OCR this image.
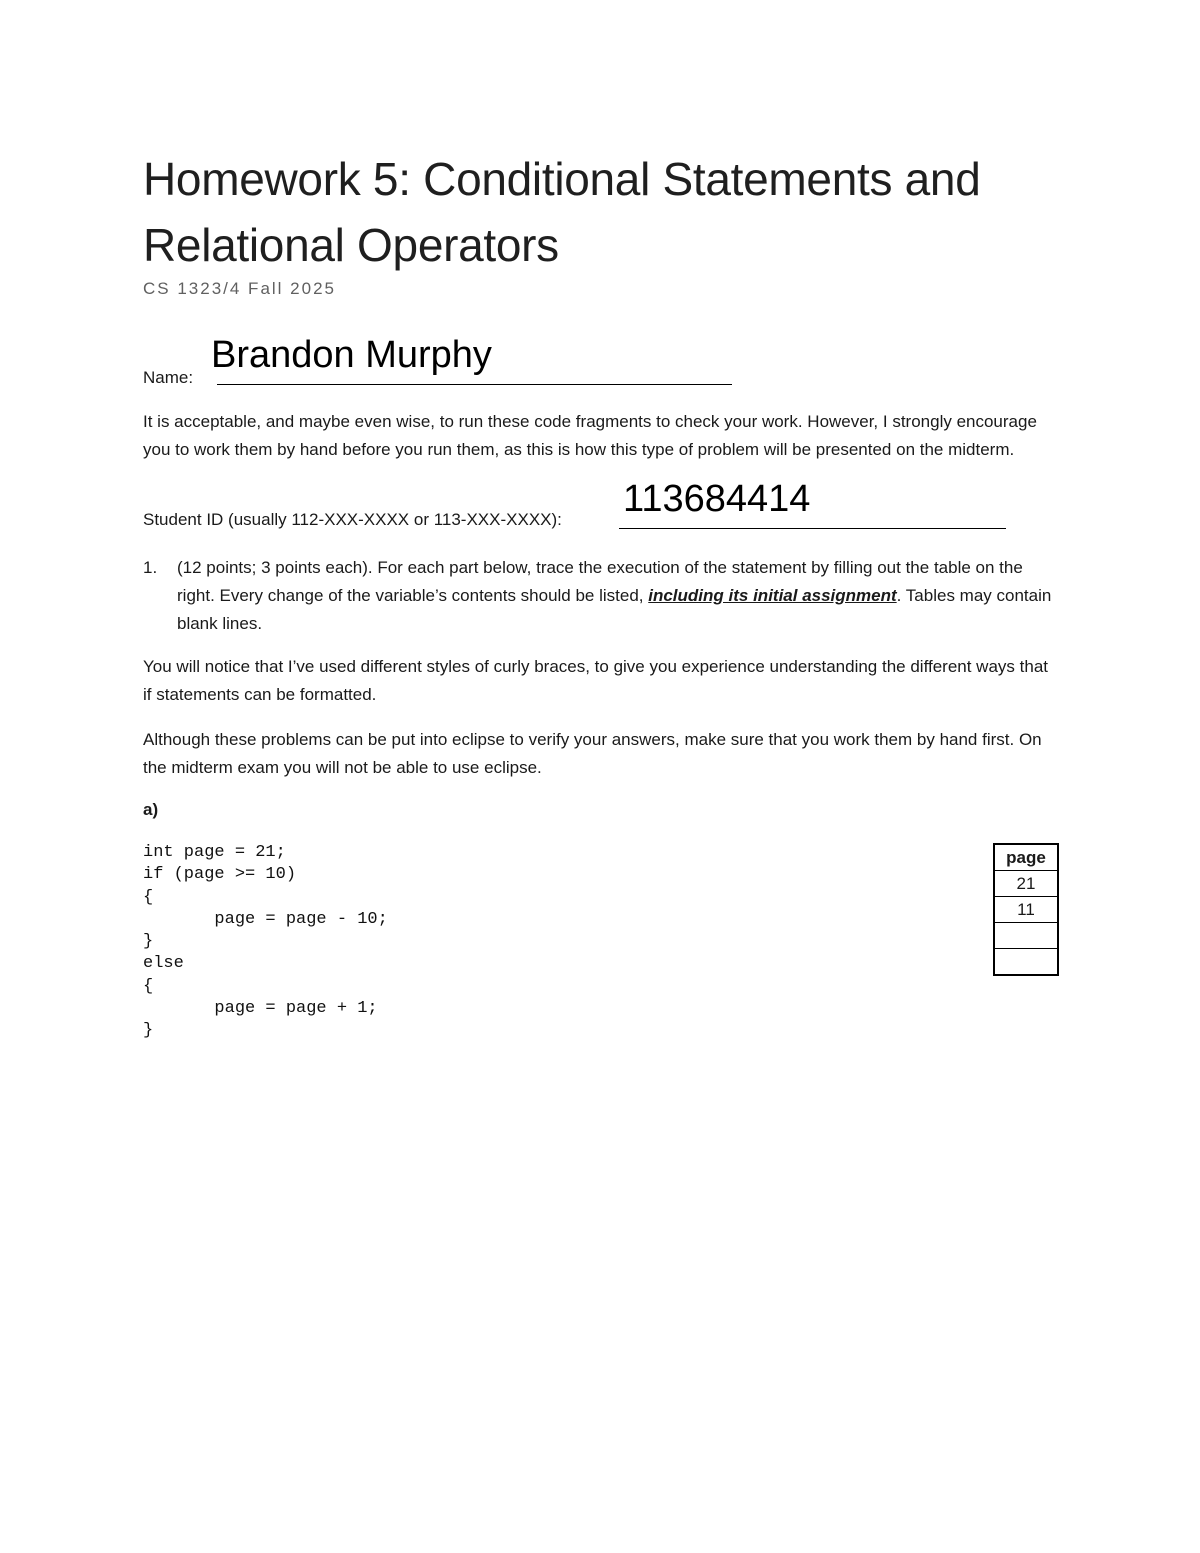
Homework 5: Conditional Statements and Relational Operators
CS 1323/4 Fall 2025
Name:
Brandon Murphy
It is acceptable, and maybe even wise, to run these code fragments to check your work. However, I strongly encourage you to work them by hand before you run them, as this is how this type of problem will be presented on the midterm.
Student ID (usually 112-XXX-XXXX or 113-XXX-XXXX): 113684414
1. (12 points; 3 points each). For each part below, trace the execution of the statement by filling out the table on the right. Every change of the variable’s contents should be listed, including its initial assignment. Tables may contain blank lines.
You will notice that I’ve used different styles of curly braces, to give you experience understanding the different ways that if statements can be formatted.
Although these problems can be put into eclipse to verify your answers, make sure that you work them by hand first. On the midterm exam you will not be able to use eclipse.
a)
int page = 21;
if (page >= 10)
{
page = page - 10;
}
else
{
page = page + 1;
}
page
21
11
